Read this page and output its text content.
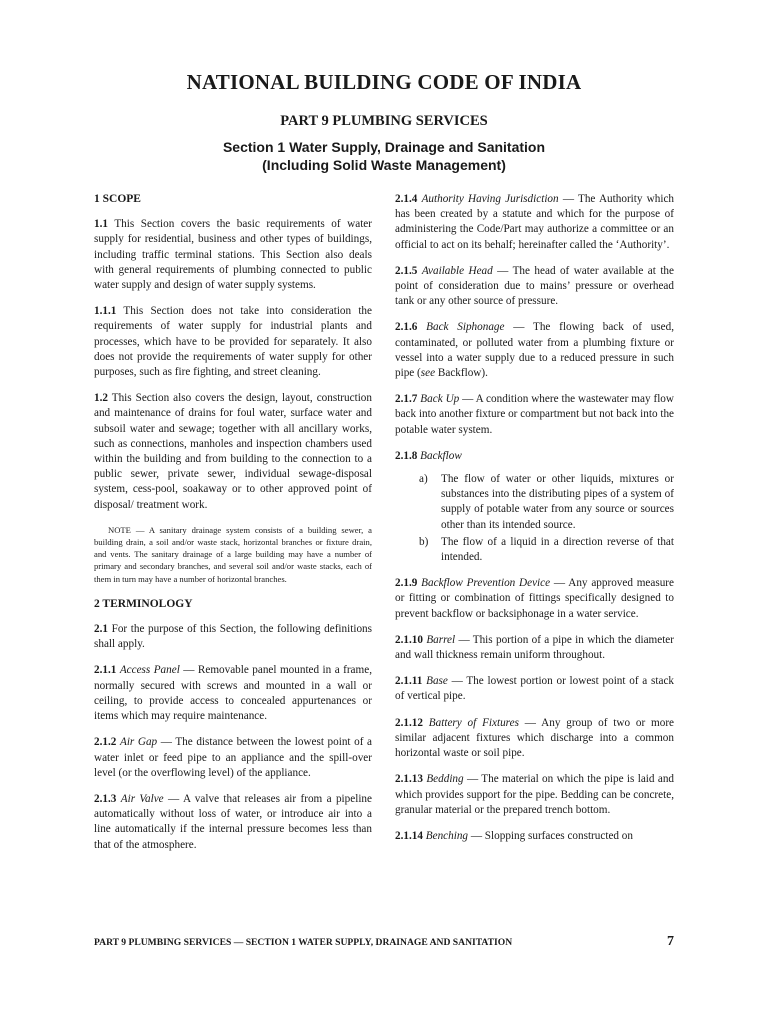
NATIONAL BUILDING CODE OF INDIA
PART 9 PLUMBING SERVICES
Section 1 Water Supply, Drainage and Sanitation
(Including Solid Waste Management)
1 SCOPE

1.1 This Section covers the basic requirements of water supply for residential, business and other types of buildings, including traffic terminal stations. This Section also deals with general requirements of plumbing connected to public water supply and design of water supply systems.

1.1.1 This Section does not take into consideration the requirements of water supply for industrial plants and processes, which have to be provided for separately. It also does not provide the requirements of water supply for other purposes, such as fire fighting, and street cleaning.

1.2 This Section also covers the design, layout, construction and maintenance of drains for foul water, surface water and subsoil water and sewage; together with all ancillary works, such as connections, manholes and inspection chambers used within the building and from building to the connection to a public sewer, private sewer, individual sewage-disposal system, cess-pool, soakaway or to other approved point of disposal/ treatment work.

NOTE — A sanitary drainage system consists of a building sewer, a building drain, a soil and/or waste stack, horizontal branches or fixture drain, and vents. The sanitary drainage of a large building may have a number of primary and secondary branches, and several soil and/or waste stacks, each of them in turn may have a number of horizontal branches.

2 TERMINOLOGY

2.1 For the purpose of this Section, the following definitions shall apply.

2.1.1 Access Panel — Removable panel mounted in a frame, normally secured with screws and mounted in a wall or ceiling, to provide access to concealed appurtenances or items which may require maintenance.

2.1.2 Air Gap — The distance between the lowest point of a water inlet or feed pipe to an appliance and the spill-over level (or the overflowing level) of the appliance.

2.1.3 Air Valve — A valve that releases air from a pipeline automatically without loss of water, or introduce air into a line automatically if the internal pressure becomes less than that of the atmosphere.

2.1.4 Authority Having Jurisdiction — The Authority which has been created by a statute and which for the purpose of administering the Code/Part may authorize a committee or an official to act on its behalf; hereinafter called the ‘Authority’.

2.1.5 Available Head — The head of water available at the point of consideration due to mains’ pressure or overhead tank or any other source of pressure.

2.1.6 Back Siphonage — The flowing back of used, contaminated, or polluted water from a plumbing fixture or vessel into a water supply due to a reduced pressure in such pipe (see Backflow).

2.1.7 Back Up — A condition where the wastewater may flow back into another fixture or compartment but not back into the potable water system.

2.1.8 Backflow

a)	The flow of water or other liquids, mixtures or substances into the distributing pipes of a system of supply of potable water from any source or sources other than its intended source.
b)	The flow of a liquid in a direction reverse of that intended.

2.1.9 Backflow Prevention Device — Any approved measure or fitting or combination of fittings specifically designed to prevent backflow or backsiphonage in a water service.

2.1.10 Barrel — This portion of a pipe in which the diameter and wall thickness remain uniform throughout.

2.1.11 Base — The lowest portion or lowest point of a stack of vertical pipe.

2.1.12 Battery of Fixtures — Any group of two or more similar adjacent fixtures which discharge into a common horizontal waste or soil pipe.

2.1.13 Bedding — The material on which the pipe is laid and which provides support for the pipe. Bedding can be concrete, granular material or the prepared trench bottom.

2.1.14 Benching — Slopping surfaces constructed on

PART 9 PLUMBING SERVICES — SECTION 1 WATER SUPPLY, DRAINAGE AND SANITATION	7
